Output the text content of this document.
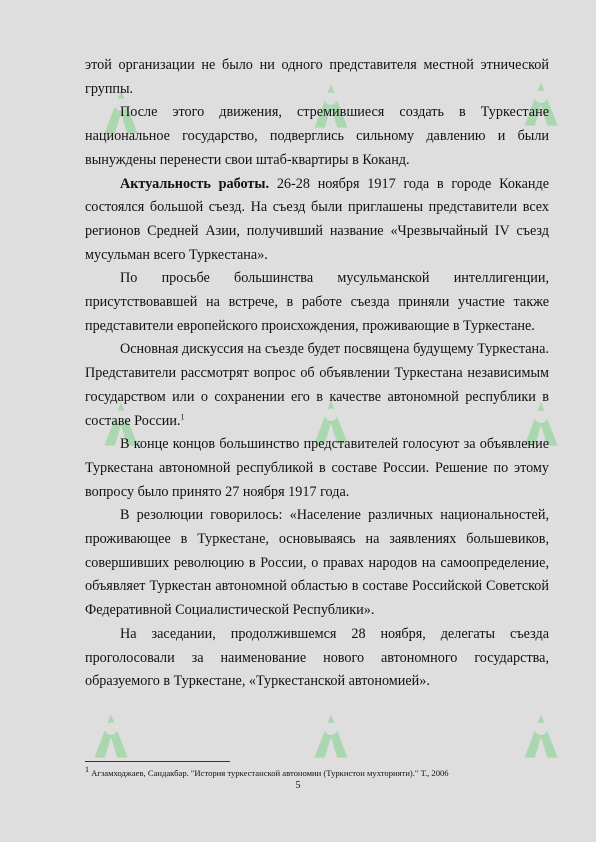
этой организации не было ни одного представителя местной этнической группы.

После этого движения, стремившиеся создать в Туркестане национальное государство, подверглись сильному давлению и были вынуждены перенести свои штаб-квартиры в Коканд.

Актуальность работы. 26-28 ноября 1917 года в городе Коканде состоялся большой съезд. На съезд были приглашены представители всех регионов Средней Азии, получивший название «Чрезвычайный IV съезд мусульман всего Туркестана».

По просьбе большинства мусульманской интеллигенции, присутствовавшей на встрече, в работе съезда приняли участие также представители европейского происхождения, проживающие в Туркестане.

Основная дискуссия на съезде будет посвящена будущему Туркестана. Представители рассмотрят вопрос об объявлении Туркестана независимым государством или о сохранении его в качестве автономной республики в составе России.$^1$

В конце концов большинство представителей голосуют за объявление Туркестана автономной республикой в составе России. Решение по этому вопросу было принято 27 ноября 1917 года.

В резолюции говорилось: «Население различных национальностей, проживающее в Туркестане, основываясь на заявлениях большевиков, совершивших революцию в России, о правах народов на самоопределение, объявляет Туркестан автономной областью в составе Российской Советской Федеративной Социалистической Республики».

На заседании, продолжившемся 28 ноября, делегаты съезда проголосовали за наименование нового автономного государства, образуемого в Туркестане, «Туркестанской автономией».

$^1$ Агзамходжаев, Сандакбар. "История туркестанской автономии (Туркистон мухторияти)." Т., 2006
5
